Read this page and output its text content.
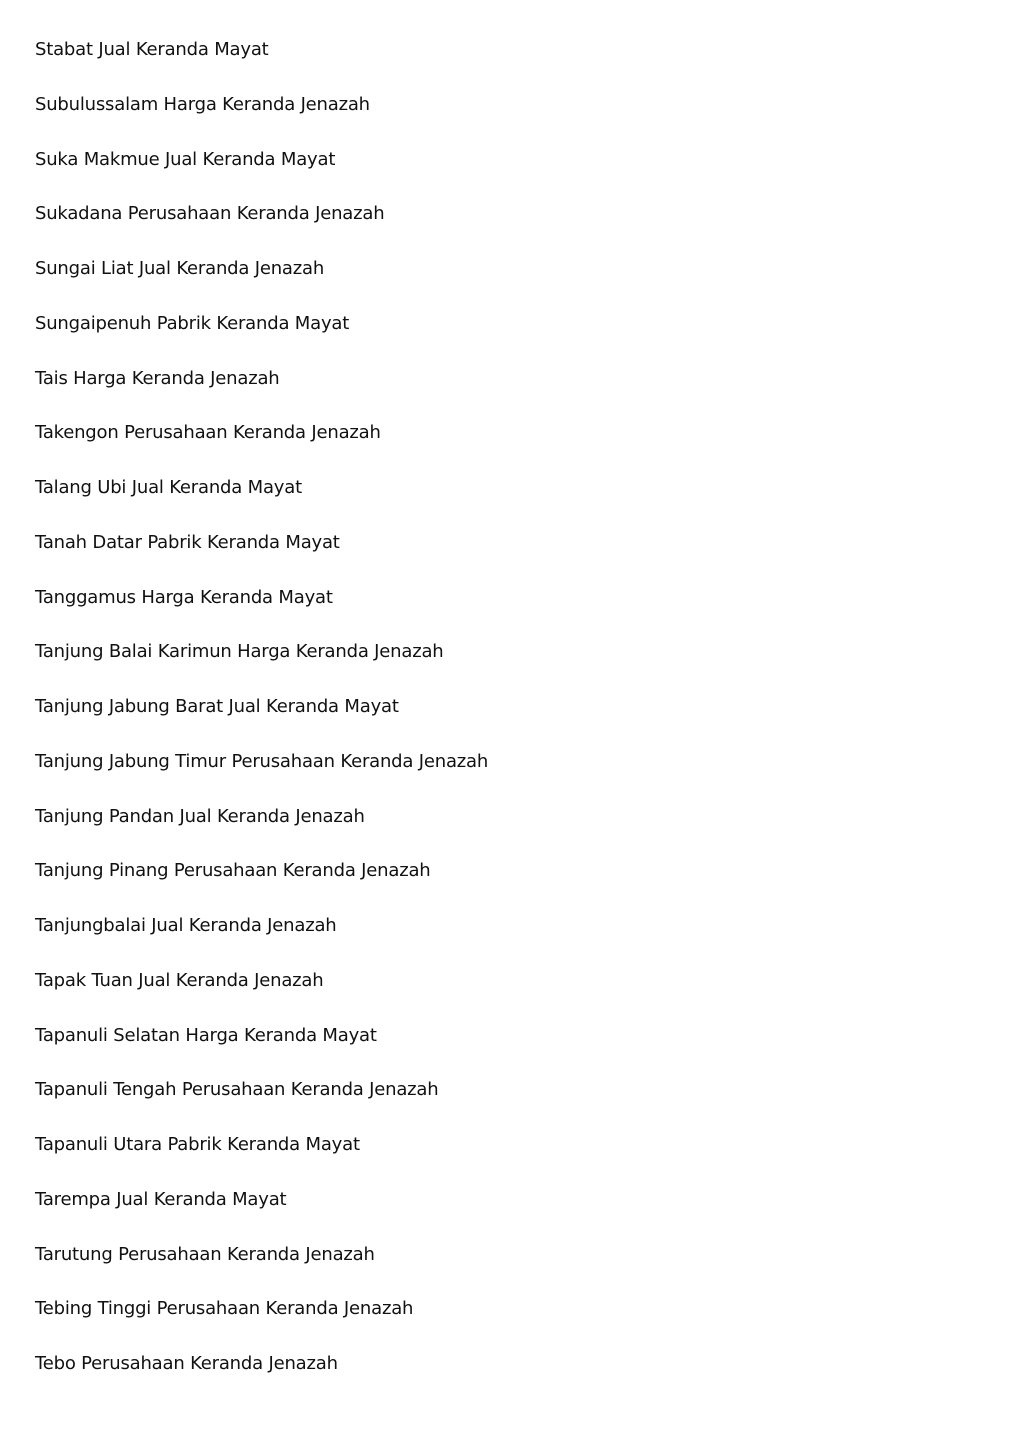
Stabat Jual Keranda Mayat
Subulussalam Harga Keranda Jenazah
Suka Makmue Jual Keranda Mayat
Sukadana Perusahaan Keranda Jenazah
Sungai Liat Jual Keranda Jenazah
Sungaipenuh Pabrik Keranda Mayat
Tais Harga Keranda Jenazah
Takengon Perusahaan Keranda Jenazah
Talang Ubi Jual Keranda Mayat
Tanah Datar Pabrik Keranda Mayat
Tanggamus Harga Keranda Mayat
Tanjung Balai Karimun Harga Keranda Jenazah
Tanjung Jabung Barat Jual Keranda Mayat
Tanjung Jabung Timur Perusahaan Keranda Jenazah
Tanjung Pandan Jual Keranda Jenazah
Tanjung Pinang Perusahaan Keranda Jenazah
Tanjungbalai Jual Keranda Jenazah
Tapak Tuan Jual Keranda Jenazah
Tapanuli Selatan Harga Keranda Mayat
Tapanuli Tengah Perusahaan Keranda Jenazah
Tapanuli Utara Pabrik Keranda Mayat
Tarempa Jual Keranda Mayat
Tarutung Perusahaan Keranda Jenazah
Tebing Tinggi Perusahaan Keranda Jenazah
Tebo Perusahaan Keranda Jenazah
